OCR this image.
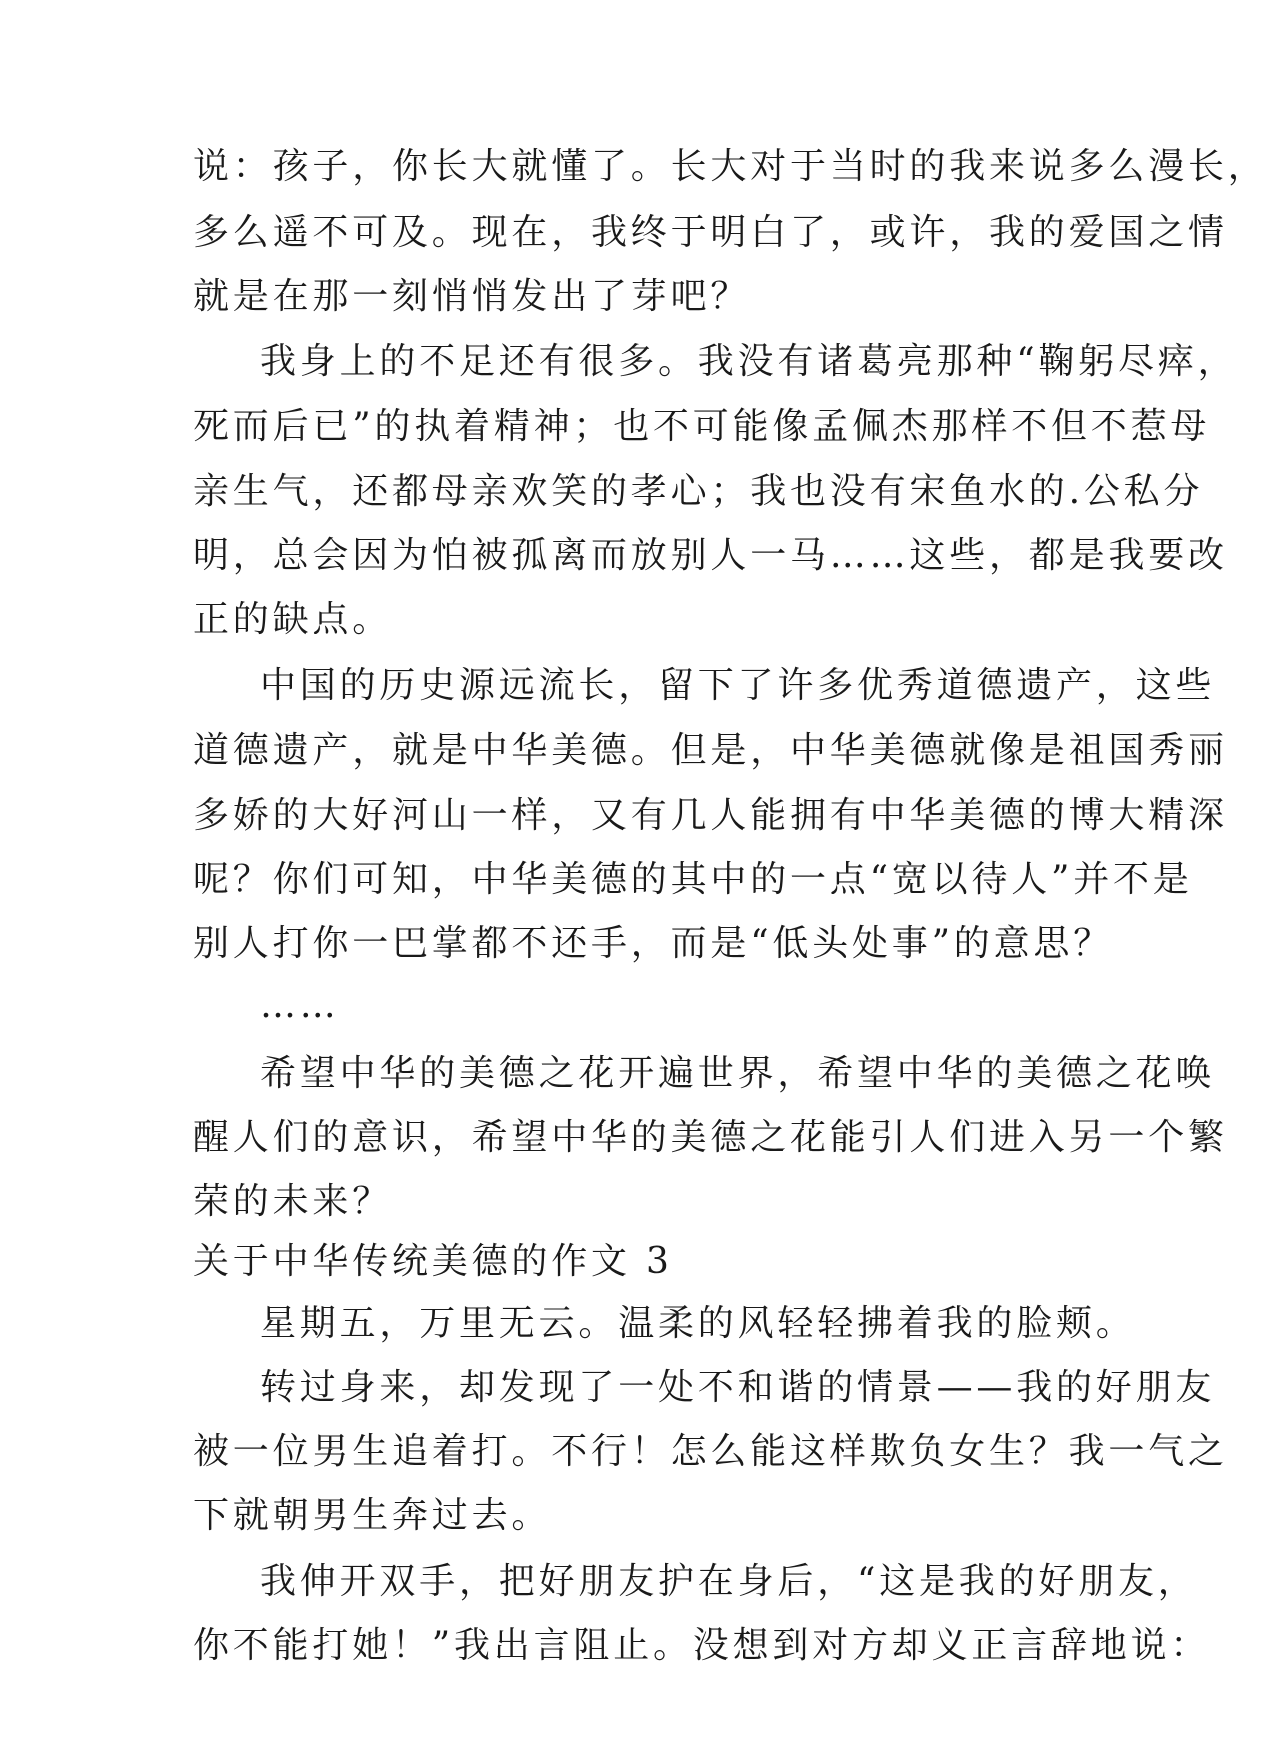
说：孩子，你长大就懂了。长大对于当时的我来说多么漫长，
多么遥不可及。现在，我终于明白了，或许，我的爱国之情
就是在那一刻悄悄发出了芽吧？
我身上的不足还有很多。我没有诸葛亮那种“鞠躬尽瘁，
死而后已”的执着精神；也不可能像孟佩杰那样不但不惹母
亲生气，还都母亲欢笑的孝心；我也没有宋鱼水的.公私分
明，总会因为怕被孤离而放别人一马……这些，都是我要改
正的缺点。
中国的历史源远流长，留下了许多优秀道德遗产，这些
道德遗产，就是中华美德。但是，中华美德就像是祖国秀丽
多娇的大好河山一样，又有几人能拥有中华美德的博大精深
呢？你们可知，中华美德的其中的一点“宽以待人”并不是
别人打你一巴掌都不还手，而是“低头处事”的意思？
……
希望中华的美德之花开遍世界，希望中华的美德之花唤
醒人们的意识，希望中华的美德之花能引人们进入另一个繁
荣的未来？
关于中华传统美德的作文 3
星期五，万里无云。温柔的风轻轻拂着我的脸颊。
转过身来，却发现了一处不和谐的情景——我的好朋友
被一位男生追着打。不行！怎么能这样欺负女生？我一气之
下就朝男生奔过去。
我伸开双手，把好朋友护在身后，“这是我的好朋友，
你不能打她！”我出言阻止。没想到对方却义正言辞地说：
